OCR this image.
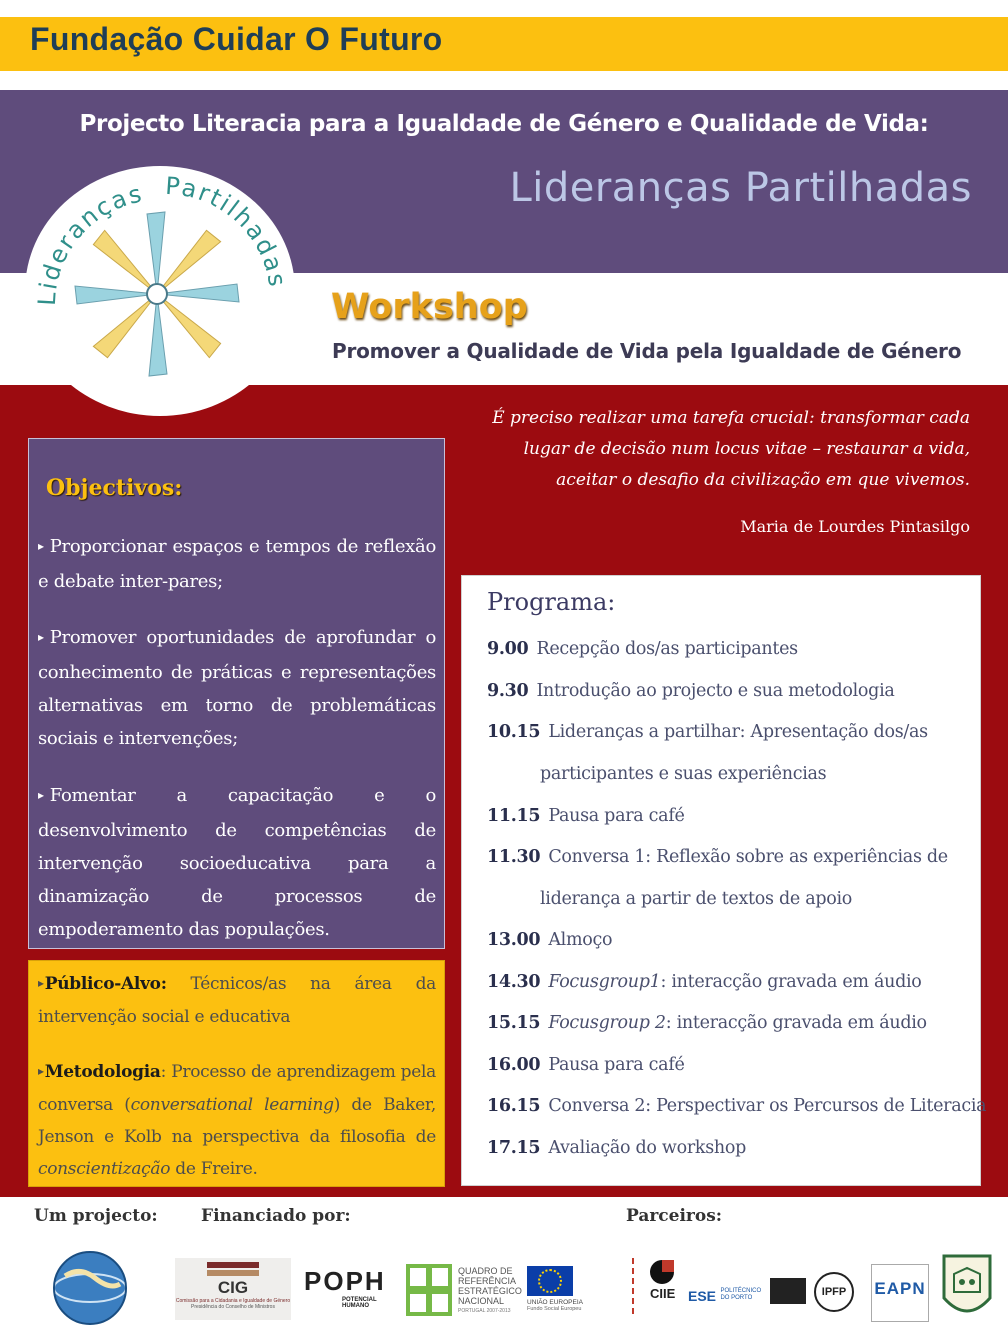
Fundação Cuidar O Futuro
Projecto Literacia para a Igualdade de Género e Qualidade de Vida:
Lideranças Partilhadas
Lideranças Partilhadas
Workshop
Promover a Qualidade de Vida pela Igualdade de Género
É preciso realizar uma tarefa crucial: transformar cada
lugar de decisão num locus vitae – restaurar a vida,
aceitar o desafio da civilização em que vivemos.
Maria de Lourdes Pintasilgo
Objectivos:
▸ Proporcionar espaços e tempos de reflexão e debate inter-pares;
▸ Promover oportunidades de aprofundar o conhecimento de práticas e representações alternativas em torno de problemáticas sociais e intervenções;
▸ Fomentar a capacitação e o desenvolvimento de competências de intervenção socioeducativa para a dinamização de processos de empoderamento das populações.
▸Público-Alvo: Técnicos/as na área da intervenção social e educativa
▸Metodologia: Processo de aprendizagem pela conversa (conversational learning) de Baker, Jenson e Kolb na perspectiva da filosofia de conscientização de Freire.
Programa:
9.00 Recepção dos/as participantes
9.30 Introdução ao projecto e sua metodologia
10.15 Lideranças a partilhar: Apresentação dos/as
participantes e suas experiências
11.15 Pausa para café
11.30 Conversa 1: Reflexão sobre as experiências de
liderança a partir de textos de apoio
13.00 Almoço
14.30 Focusgroup1: interacção gravada em áudio
15.15 Focusgroup 2: interacção gravada em áudio
16.00 Pausa para café
16.15 Conversa 2: Perspectivar os Percursos de Literacia
17.15 Avaliação do workshop
Um projecto:	Financiado por:	Parceiros:
CIG
Comissão para a Cidadania e Igualdade de Género
Presidência do Conselho de Ministros
POPH
POTENCIAL HUMANO
QUADRO DE REFERÊNCIA ESTRATÉGICO NACIONAL
PORTUGAL 2007-2013
UNIÃO EUROPEIA
Fundo Social Europeu
CIIE ESE POLITÉCNICO DO PORTO	IPFP	EAPN
